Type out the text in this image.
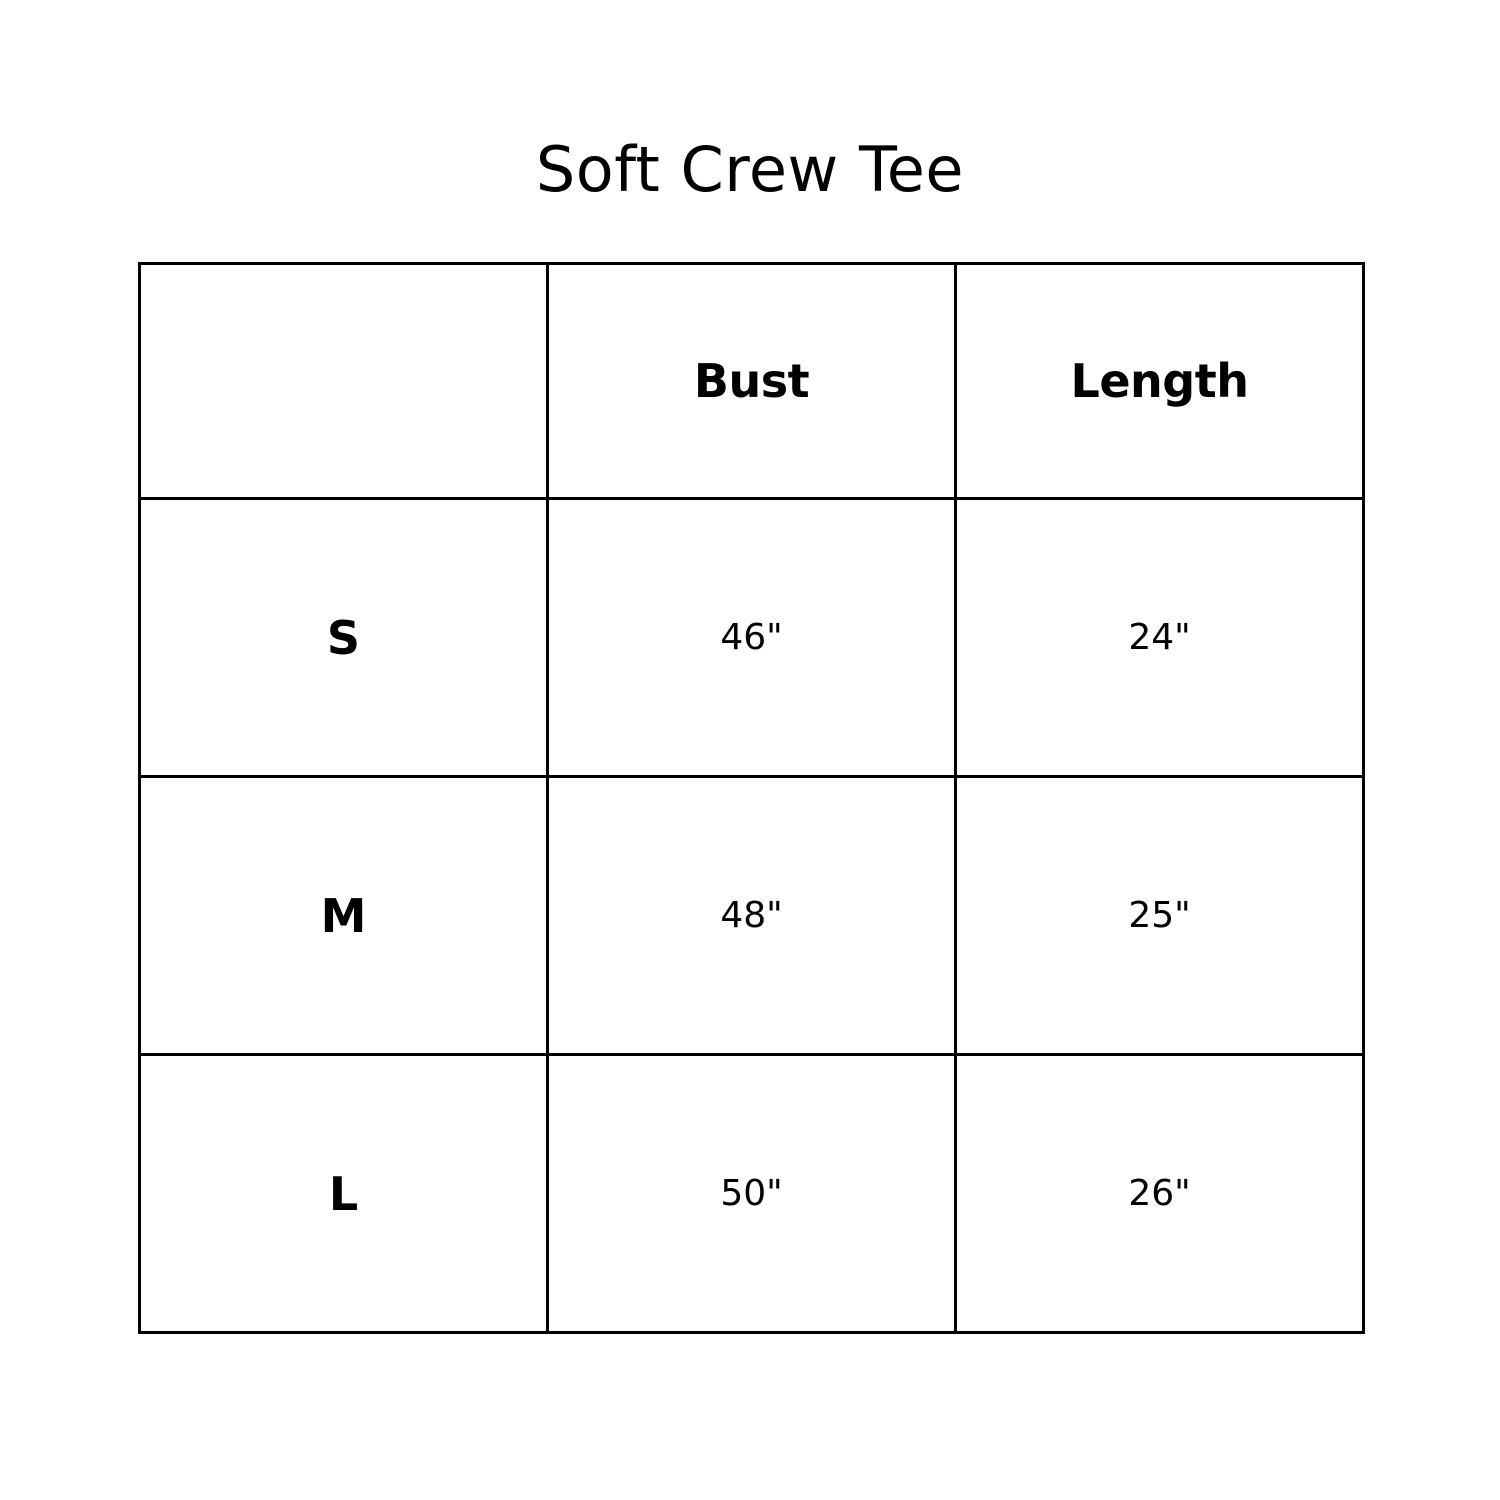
Soft Crew Tee
	Bust	Length
S	46"	24"
M	48"	25"
L	50"	26"
